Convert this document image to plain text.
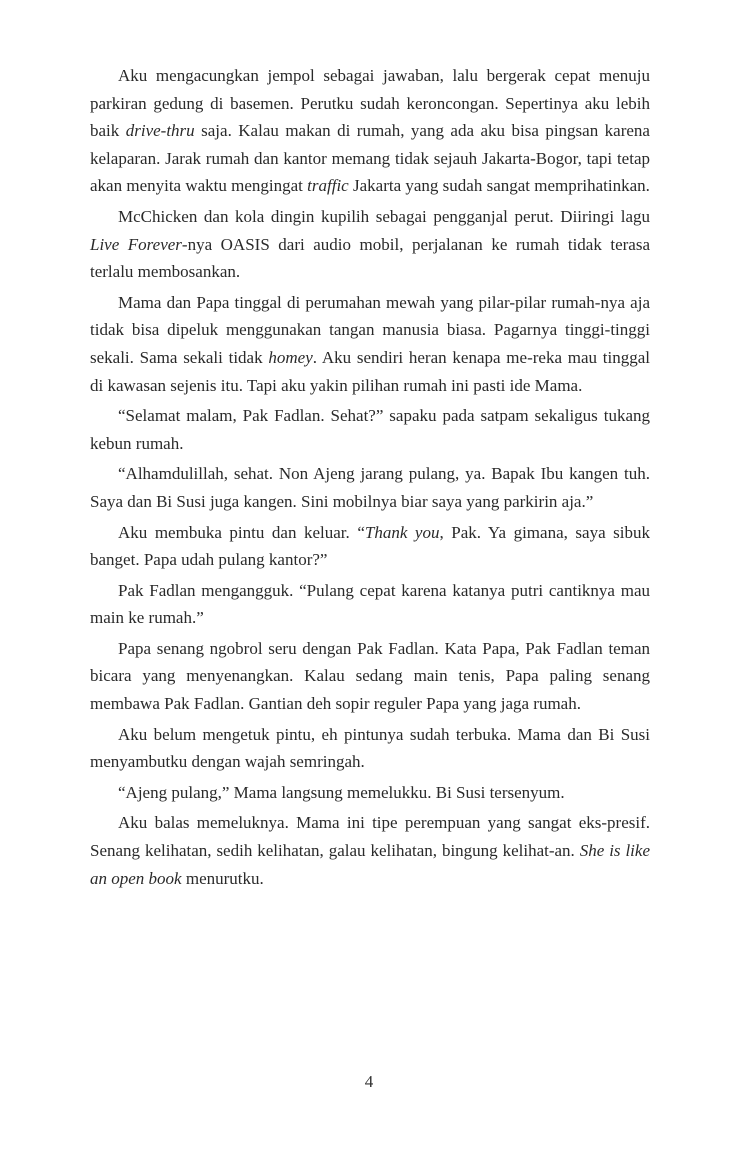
Aku mengacungkan jempol sebagai jawaban, lalu bergerak cepat menuju parkiran gedung di basemen. Perutku sudah keroncongan. Sepertinya aku lebih baik drive-thru saja. Kalau makan di rumah, yang ada aku bisa pingsan karena kelaparan. Jarak rumah dan kantor memang tidak sejauh Jakarta-Bogor, tapi tetap akan menyita waktu mengingat traffic Jakarta yang sudah sangat memprihatinkan.

McChicken dan kola dingin kupilih sebagai pengganjal perut. Diiringi lagu Live Forever-nya OASIS dari audio mobil, perjalanan ke rumah tidak terasa terlalu membosankan.

Mama dan Papa tinggal di perumahan mewah yang pilar-pilar rumah-nya aja tidak bisa dipeluk menggunakan tangan manusia biasa. Pagarnya tinggi-tinggi sekali. Sama sekali tidak homey. Aku sendiri heran kenapa me-reka mau tinggal di kawasan sejenis itu. Tapi aku yakin pilihan rumah ini pasti ide Mama.

“Selamat malam, Pak Fadlan. Sehat?” sapaku pada satpam sekaligus tukang kebun rumah.

“Alhamdulillah, sehat. Non Ajeng jarang pulang, ya. Bapak Ibu kangen tuh. Saya dan Bi Susi juga kangen. Sini mobilnya biar saya yang parkirin aja.”

Aku membuka pintu dan keluar. “Thank you, Pak. Ya gimana, saya sibuk banget. Papa udah pulang kantor?”

Pak Fadlan mengangguk. “Pulang cepat karena katanya putri cantiknya mau main ke rumah.”

Papa senang ngobrol seru dengan Pak Fadlan. Kata Papa, Pak Fadlan teman bicara yang menyenangkan. Kalau sedang main tenis, Papa paling senang membawa Pak Fadlan. Gantian deh sopir reguler Papa yang jaga rumah.

Aku belum mengetuk pintu, eh pintunya sudah terbuka. Mama dan Bi Susi menyambutku dengan wajah semringah.

“Ajeng pulang,” Mama langsung memelukku. Bi Susi tersenyum.

Aku balas memeluknya. Mama ini tipe perempuan yang sangat eks-presif. Senang kelihatan, sedih kelihatan, galau kelihatan, bingung kelihat-an. She is like an open book menurutku.

4
